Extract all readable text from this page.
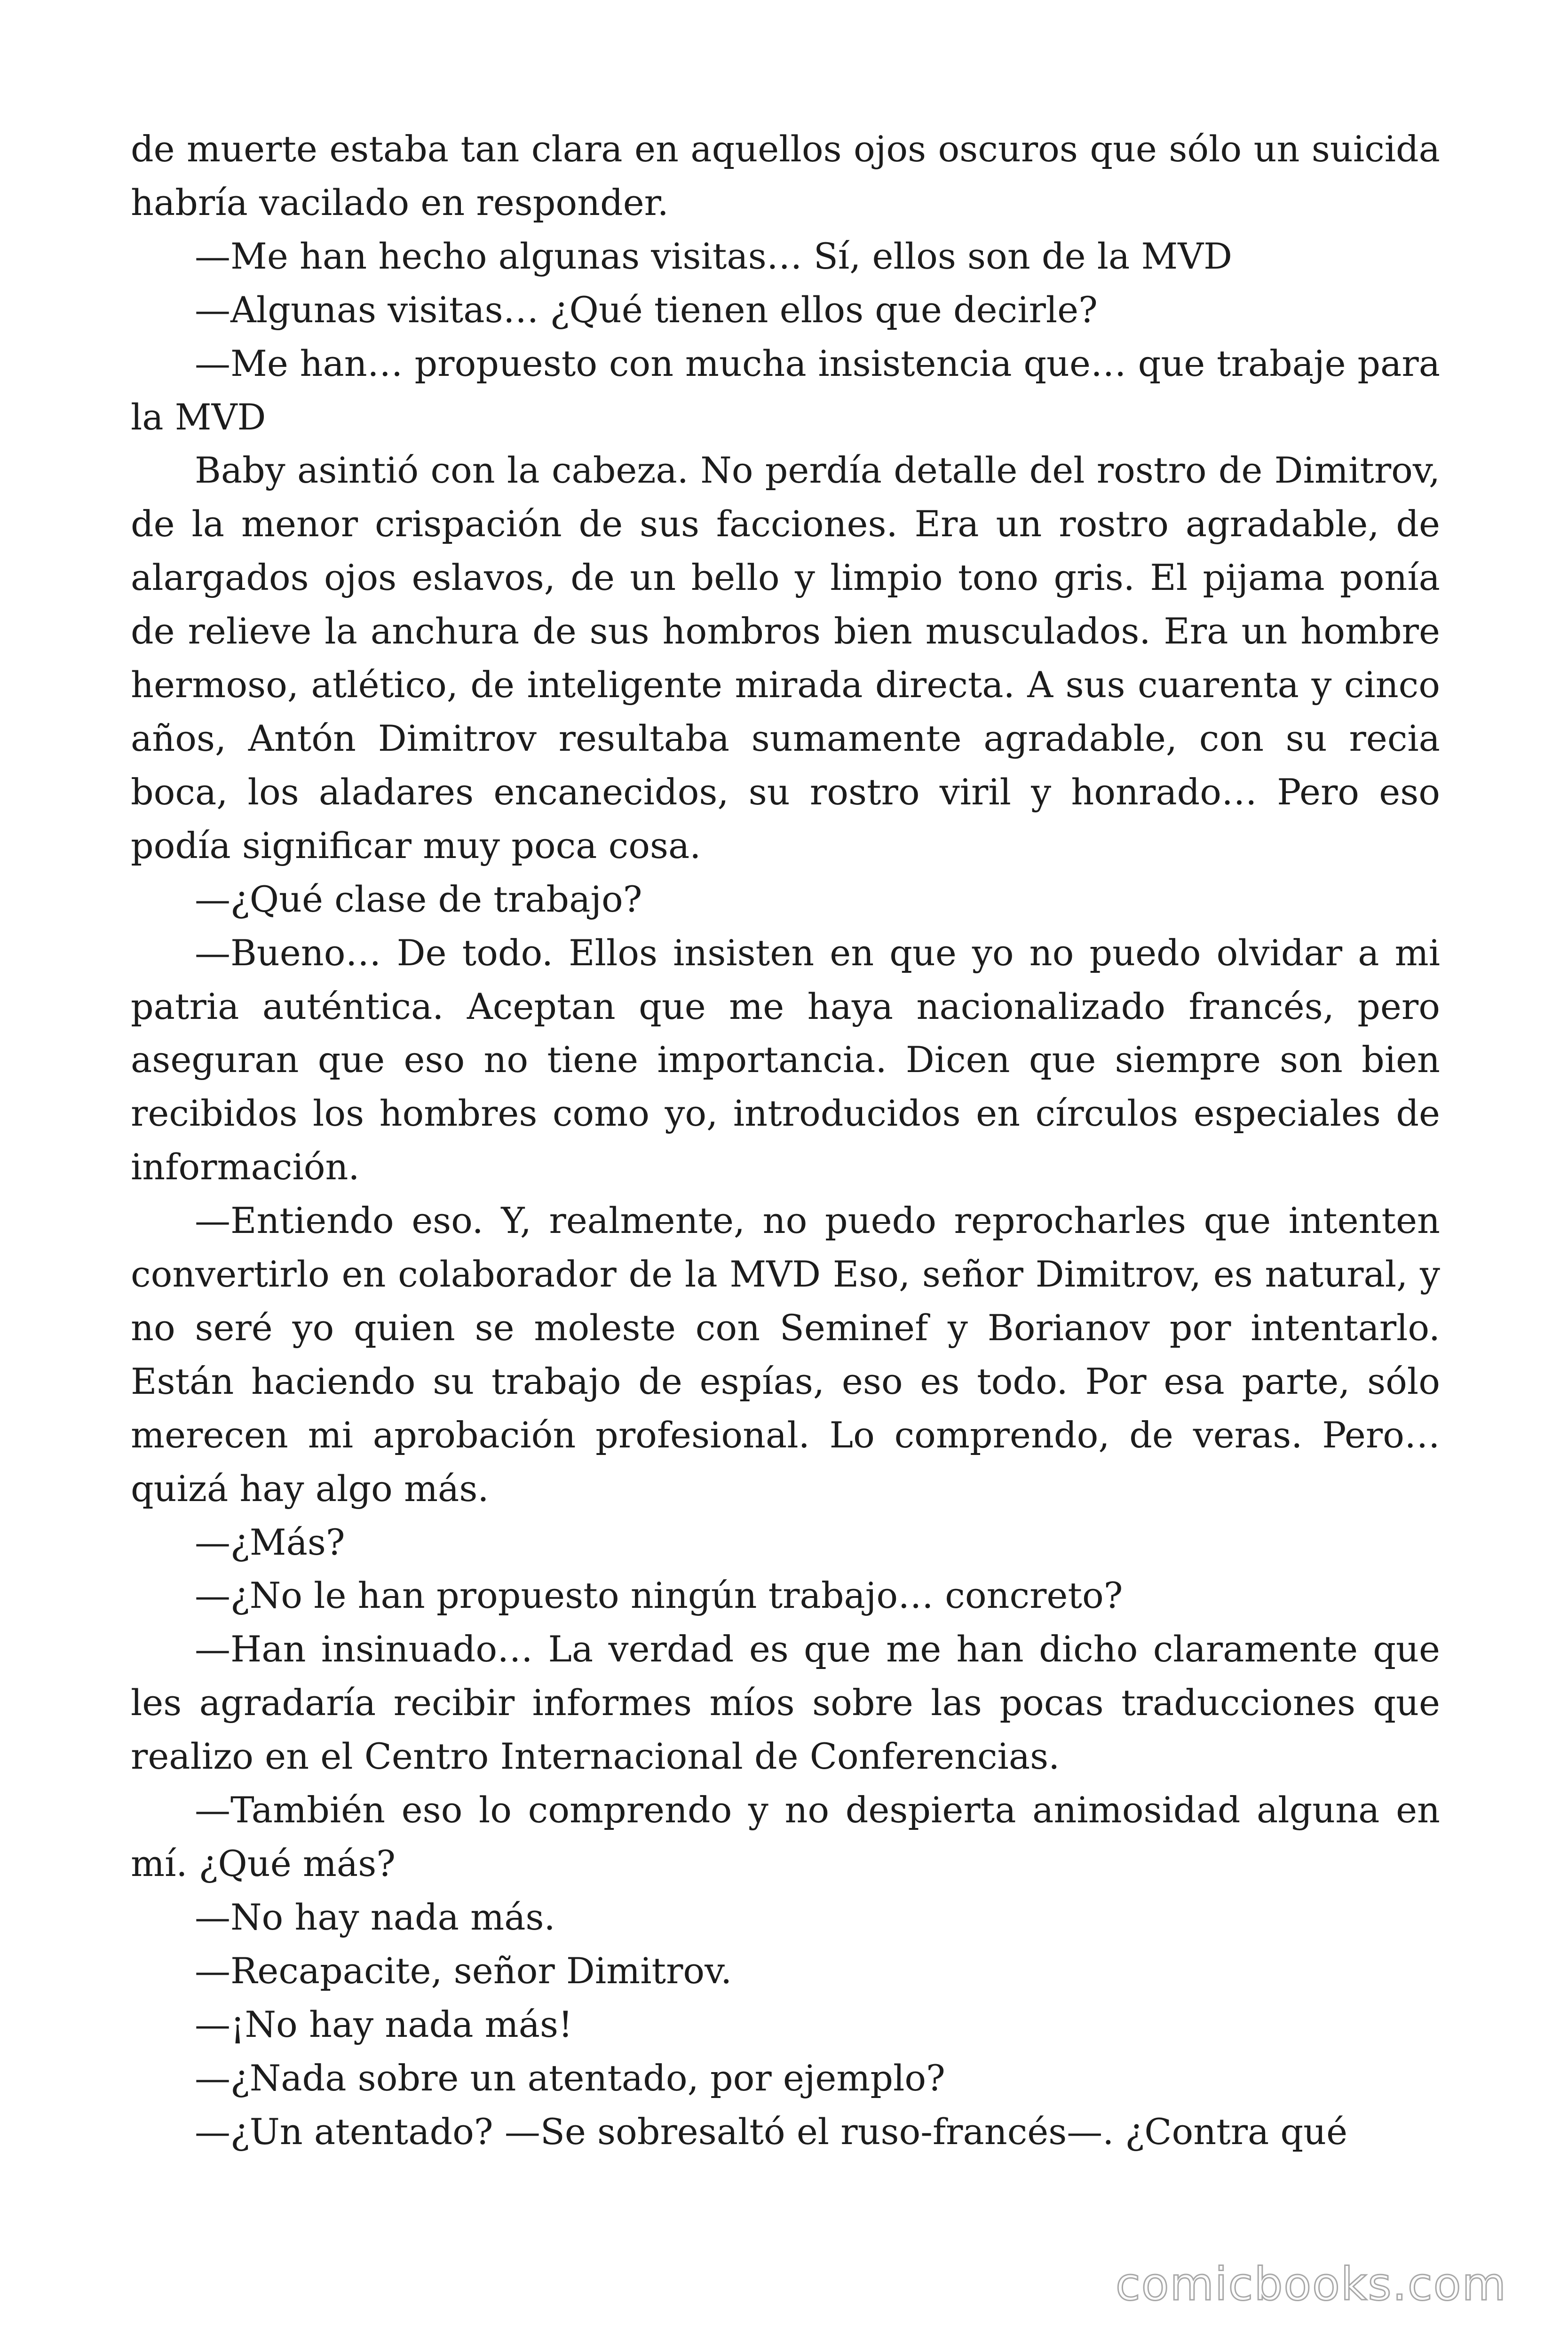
de muerte estaba tan clara en aquellos ojos oscuros que sólo un suicida habría vacilado en responder.

—Me han hecho algunas visitas… Sí, ellos son de la MVD

—Algunas visitas… ¿Qué tienen ellos que decirle?

—Me han… propuesto con mucha insistencia que… que trabaje para la MVD

Baby asintió con la cabeza. No perdía detalle del rostro de Dimitrov, de la menor crispación de sus facciones. Era un rostro agradable, de alargados ojos eslavos, de un bello y limpio tono gris. El pijama ponía de relieve la anchura de sus hombros bien musculados. Era un hombre hermoso, atlético, de inteligente mirada directa. A sus cuarenta y cinco años, Antón Dimitrov resultaba sumamente agradable, con su recia boca, los aladares encanecidos, su rostro viril y honrado… Pero eso podía significar muy poca cosa.

—¿Qué clase de trabajo?

—Bueno… De todo. Ellos insisten en que yo no puedo olvidar a mi patria auténtica. Aceptan que me haya nacionalizado francés, pero aseguran que eso no tiene importancia. Dicen que siempre son bien recibidos los hombres como yo, introducidos en círculos especiales de información.

—Entiendo eso. Y, realmente, no puedo reprocharles que intenten convertirlo en colaborador de la MVD Eso, señor Dimitrov, es natural, y no seré yo quien se moleste con Seminef y Borianov por intentarlo. Están haciendo su trabajo de espías, eso es todo. Por esa parte, sólo merecen mi aprobación profesional. Lo comprendo, de veras. Pero… quizá hay algo más.

—¿Más?

—¿No le han propuesto ningún trabajo… concreto?

—Han insinuado… La verdad es que me han dicho claramente que les agradaría recibir informes míos sobre las pocas traducciones que realizo en el Centro Internacional de Conferencias.

—También eso lo comprendo y no despierta animosidad alguna en mí. ¿Qué más?

—No hay nada más.

—Recapacite, señor Dimitrov.

—¡No hay nada más!

—¿Nada sobre un atentado, por ejemplo?

—¿Un atentado? —Se sobresaltó el ruso-francés—. ¿Contra qué

comicbooks.com
